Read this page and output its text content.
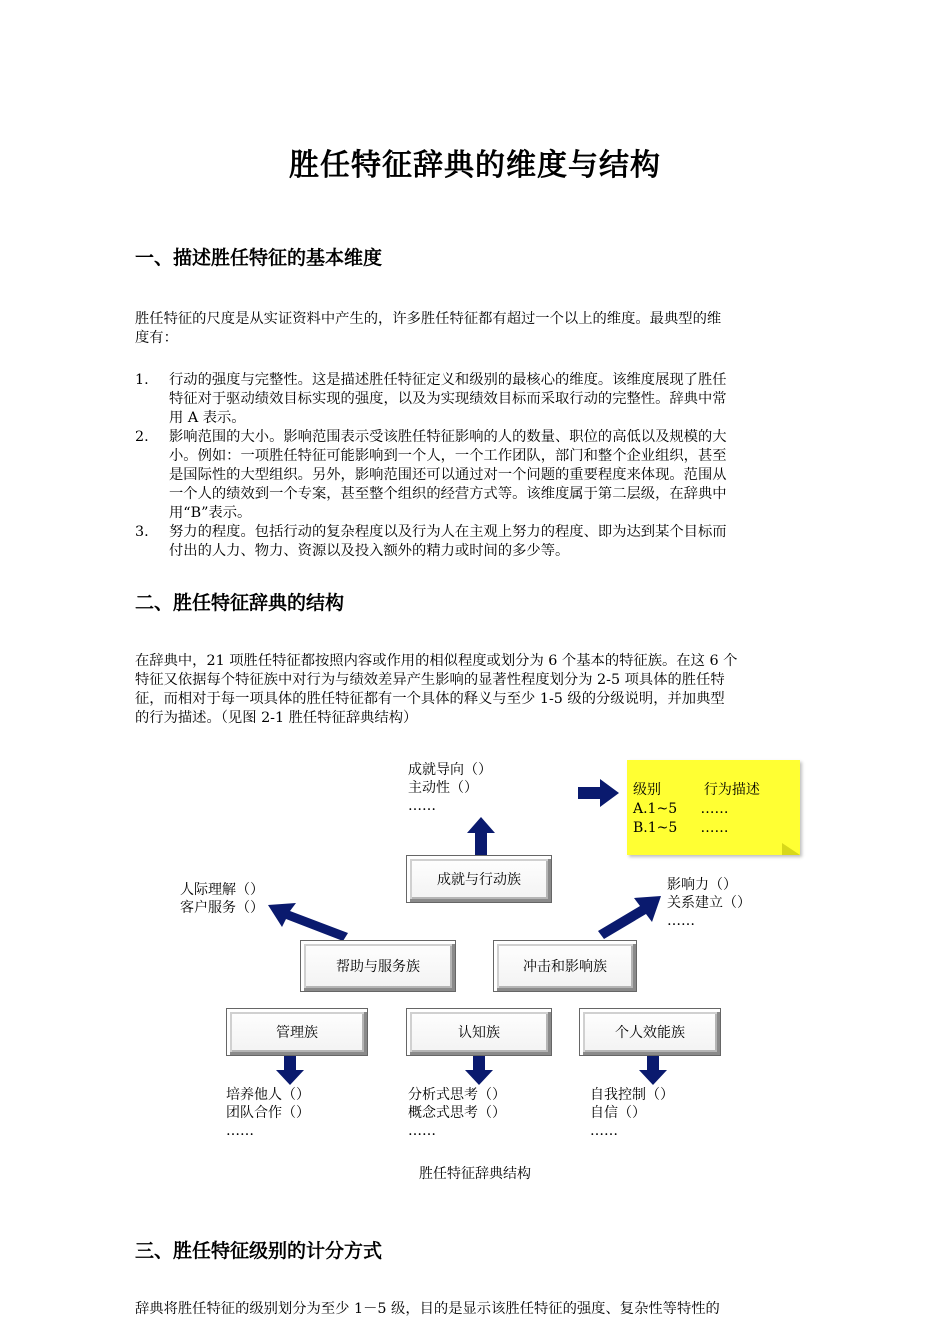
胜任特征辞典的维度与结构
一、描述胜任特征的基本维度
胜任特征的尺度是从实证资料中产生的，许多胜任特征都有超过一个以上的维度。最典型的维
度有：
1. 行动的强度与完整性。这是描述胜任特征定义和级别的最核心的维度。该维度展现了胜任
特征对于驱动绩效目标实现的强度，以及为实现绩效目标而采取行动的完整性。辞典中常
用 A 表示。
2. 影响范围的大小。影响范围表示受该胜任特征影响的人的数量、职位的高低以及规模的大
小。例如：一项胜任特征可能影响到一个人，一个工作团队，部门和整个企业组织，甚至
是国际性的大型组织。另外，影响范围还可以通过对一个问题的重要程度来体现。范围从
一个人的绩效到一个专案，甚至整个组织的经营方式等。该维度属于第二层级，在辞典中
用“B”表示。
3. 努力的程度。包括行动的复杂程度以及行为人在主观上努力的程度、即为达到某个目标而
付出的人力、物力、资源以及投入额外的精力或时间的多少等。
二、胜任特征辞典的结构
在辞典中，21 项胜任特征都按照内容或作用的相似程度或划分为 6 个基本的特征族。在这 6 个
特征又依据每个特征族中对行为与绩效差异产生影响的显著性程度划分为 2-5 项具体的胜任特
征，而相对于每一项具体的胜任特征都有一个具体的释义与至少 1-5 级的分级说明，并加典型
的行为描述。（见图 2-1 胜任特征辞典结构）
成就导向（）
主动性（）
……
级别	行为描述
A.1~5 ……
B.1~5 ……
成就与行动族
人际理解（）
客户服务（）
影响力（）
关系建立（）
……
帮助与服务族	冲击和影响族
管理族	认知族	个人效能族
培养他人（）
团队合作（）
……
分析式思考（）
概念式思考（）
……
自我控制（）
自信（）
……
胜任特征辞典结构
三、胜任特征级别的计分方式
辞典将胜任特征的级别划分为至少 1－5 级，目的是显示该胜任特征的强度、复杂性等特性的
